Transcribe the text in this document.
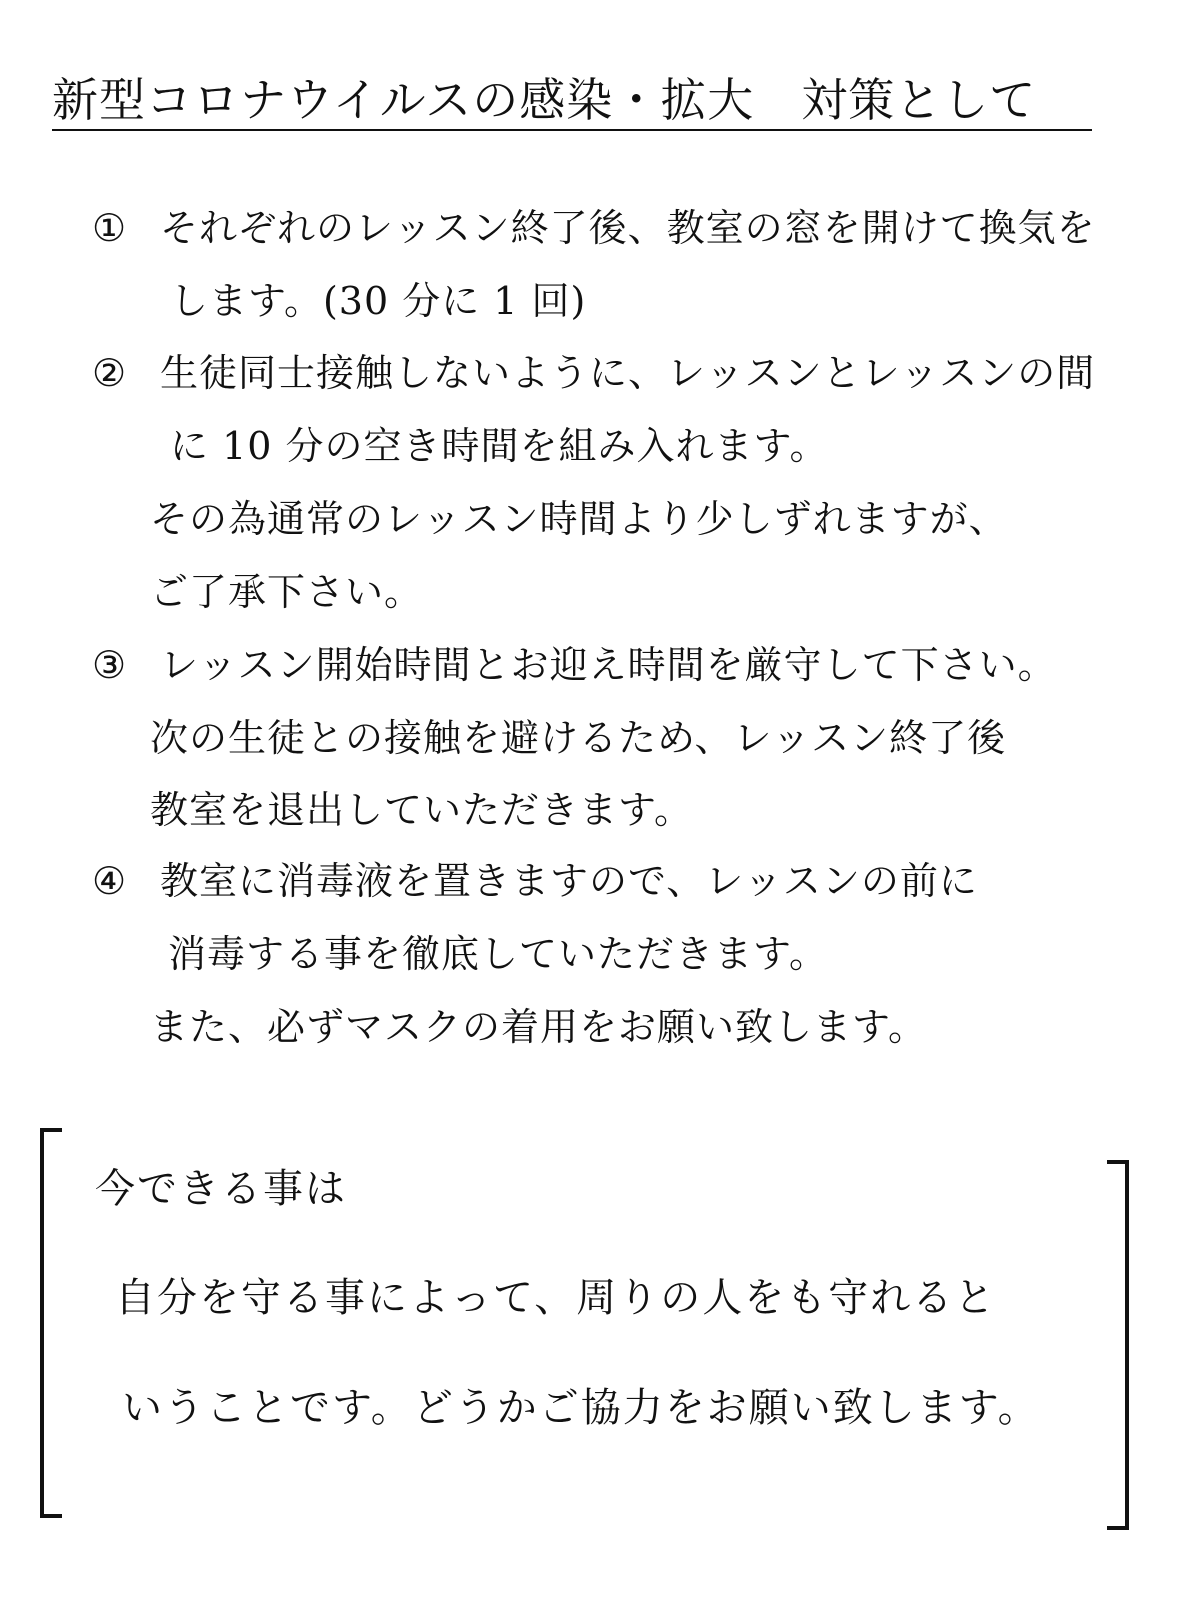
新型コロナウイルスの感染・拡大　対策として
① それぞれのレッスン終了後、教室の窓を開けて換気を
します。(30 分に 1 回)
② 生徒同士接触しないように、レッスンとレッスンの間
に 10 分の空き時間を組み入れます。
その為通常のレッスン時間より少しずれますが、
ご了承下さい。
③ レッスン開始時間とお迎え時間を厳守して下さい。
次の生徒との接触を避けるため、レッスン終了後
教室を退出していただきます。
④ 教室に消毒液を置きますので、レッスンの前に
消毒する事を徹底していただきます。
また、必ずマスクの着用をお願い致します。
今できる事は
自分を守る事によって、周りの人をも守れると
いうことです。どうかご協力をお願い致します。
